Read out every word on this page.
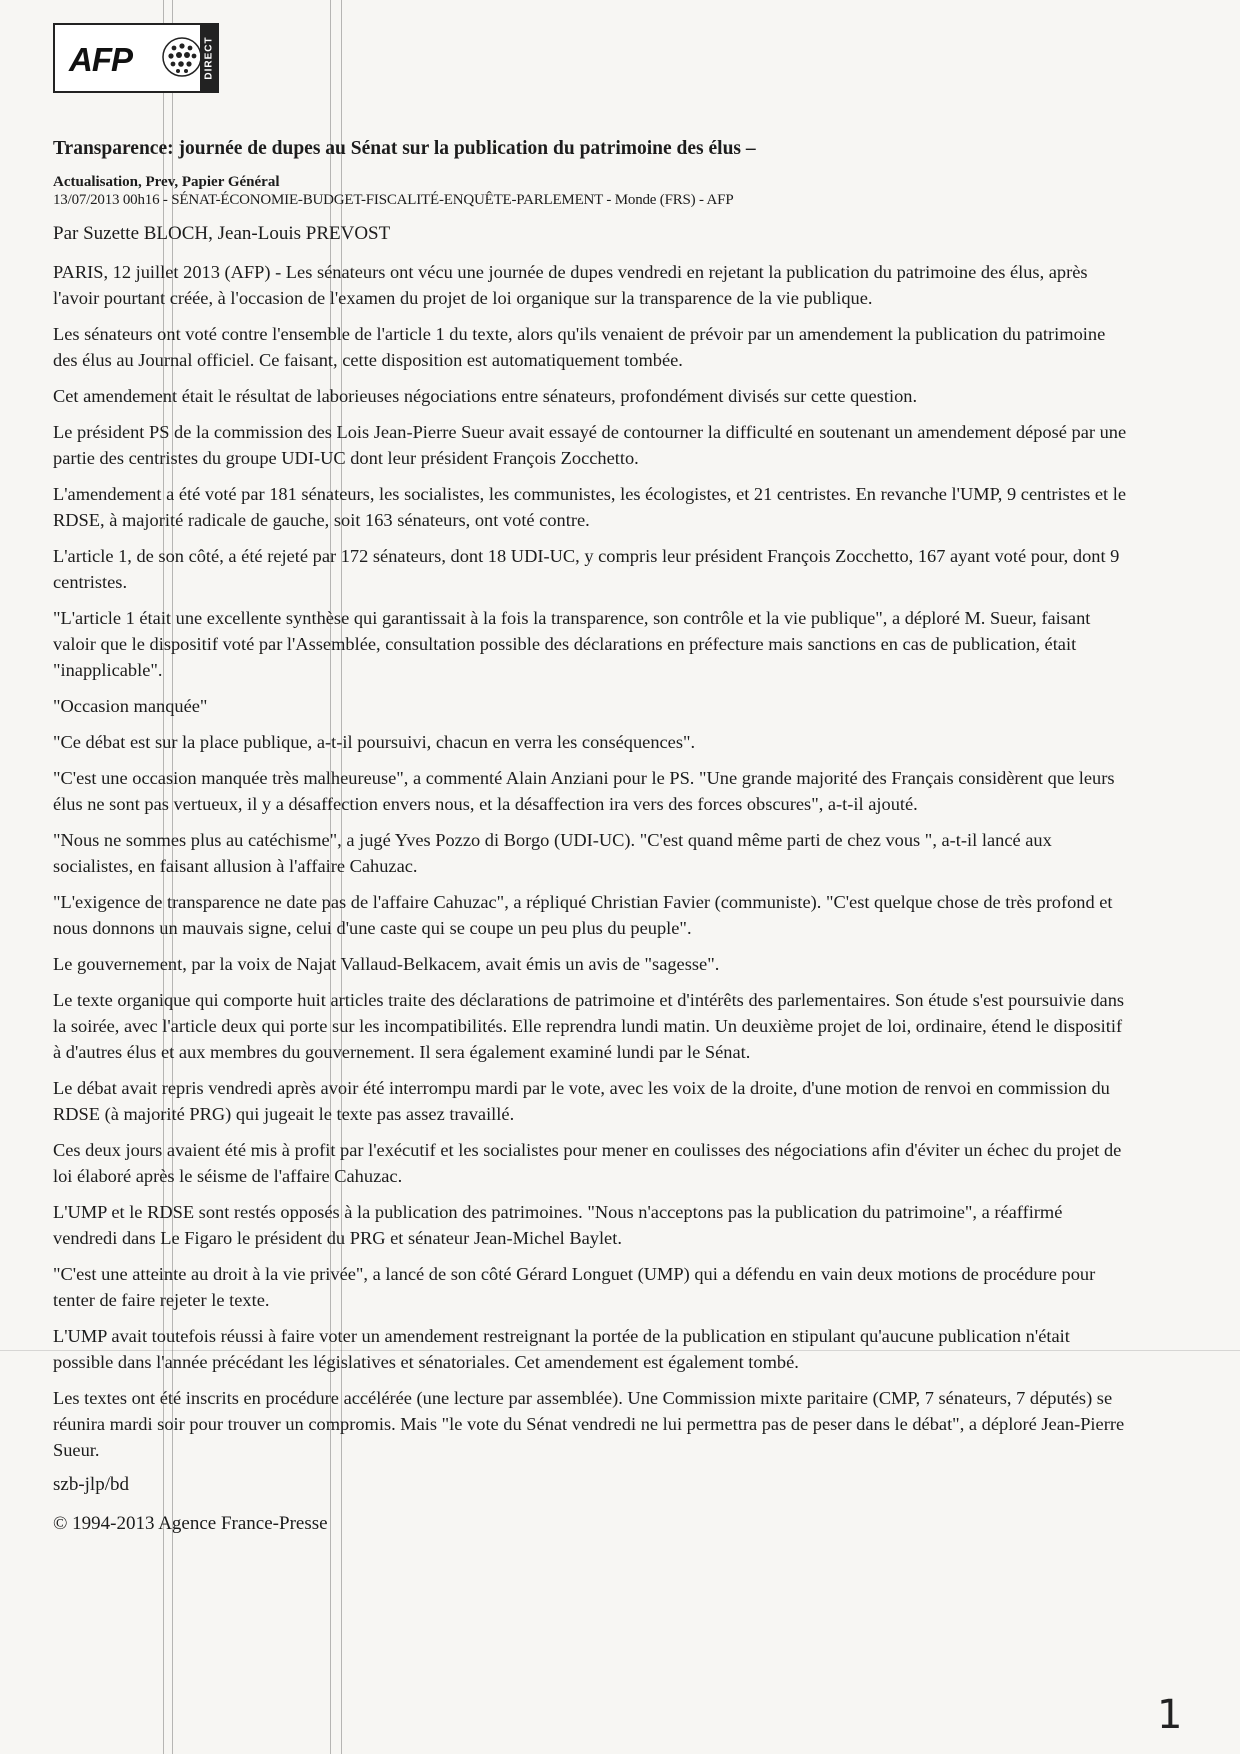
AFP	DIRECT
Transparence: journée de dupes au Sénat sur la publication du patrimoine des élus –

Actualisation, Prev, Papier Général

13/07/2013 00h16 - SÉNAT-ÉCONOMIE-BUDGET-FISCALITÉ-ENQUÊTE-PARLEMENT - Monde (FRS) - AFP

Par Suzette BLOCH, Jean-Louis PREVOST

PARIS, 12 juillet 2013 (AFP) - Les sénateurs ont vécu une journée de dupes vendredi en rejetant la publication du patrimoine des élus, après l'avoir pourtant créée, à l'occasion de l'examen du projet de loi organique sur la transparence de la vie publique.

Les sénateurs ont voté contre l'ensemble de l'article 1 du texte, alors qu'ils venaient de prévoir par un amendement la publication du patrimoine des élus au Journal officiel. Ce faisant, cette disposition est automatiquement tombée.

Cet amendement était le résultat de laborieuses négociations entre sénateurs, profondément divisés sur cette question.

Le président PS de la commission des Lois Jean-Pierre Sueur avait essayé de contourner la difficulté en soutenant un amendement déposé par une partie des centristes du groupe UDI-UC dont leur président François Zocchetto.

L'amendement a été voté par 181 sénateurs, les socialistes, les communistes, les écologistes, et 21 centristes. En revanche l'UMP, 9 centristes et le RDSE, à majorité radicale de gauche, soit 163 sénateurs, ont voté contre.

L'article 1, de son côté, a été rejeté par 172 sénateurs, dont 18 UDI-UC, y compris leur président François Zocchetto, 167 ayant voté pour, dont 9 centristes.

"L'article 1 était une excellente synthèse qui garantissait à la fois la transparence, son contrôle et la vie publique", a déploré M. Sueur, faisant valoir que le dispositif voté par l'Assemblée, consultation possible des déclarations en préfecture mais sanctions en cas de publication, était "inapplicable".

"Occasion manquée"

"Ce débat est sur la place publique, a-t-il poursuivi, chacun en verra les conséquences".

"C'est une occasion manquée très malheureuse", a commenté Alain Anziani pour le PS. "Une grande majorité des Français considèrent que leurs élus ne sont pas vertueux, il y a désaffection envers nous, et la désaffection ira vers des forces obscures", a-t-il ajouté.

"Nous ne sommes plus au catéchisme", a jugé Yves Pozzo di Borgo (UDI-UC). "C'est quand même parti de chez vous ", a-t-il lancé aux socialistes, en faisant allusion à l'affaire Cahuzac.

"L'exigence de transparence ne date pas de l'affaire Cahuzac", a répliqué Christian Favier (communiste). "C'est quelque chose de très profond et nous donnons un mauvais signe, celui d'une caste qui se coupe un peu plus du peuple".

Le gouvernement, par la voix de Najat Vallaud-Belkacem, avait émis un avis de "sagesse".

Le texte organique qui comporte huit articles traite des déclarations de patrimoine et d'intérêts des parlementaires. Son étude s'est poursuivie dans la soirée, avec l'article deux qui porte sur les incompatibilités. Elle reprendra lundi matin. Un deuxième projet de loi, ordinaire, étend le dispositif à d'autres élus et aux membres du gouvernement. Il sera également examiné lundi par le Sénat.

Le débat avait repris vendredi après avoir été interrompu mardi par le vote, avec les voix de la droite, d'une motion de renvoi en commission du RDSE (à majorité PRG) qui jugeait le texte pas assez travaillé.

Ces deux jours avaient été mis à profit par l'exécutif et les socialistes pour mener en coulisses des négociations afin d'éviter un échec du projet de loi élaboré après le séisme de l'affaire Cahuzac.

L'UMP et le RDSE sont restés opposés à la publication des patrimoines. "Nous n'acceptons pas la publication du patrimoine", a réaffirmé vendredi dans Le Figaro le président du PRG et sénateur Jean-Michel Baylet.

"C'est une atteinte au droit à la vie privée", a lancé de son côté Gérard Longuet (UMP) qui a défendu en vain deux motions de procédure pour tenter de faire rejeter le texte.

L'UMP avait toutefois réussi à faire voter un amendement restreignant la portée de la publication en stipulant qu'aucune publication n'était possible dans l'année précédant les législatives et sénatoriales. Cet amendement est également tombé.

Les textes ont été inscrits en procédure accélérée (une lecture par assemblée). Une Commission mixte paritaire (CMP, 7 sénateurs, 7 députés) se réunira mardi soir pour trouver un compromis. Mais "le vote du Sénat vendredi ne lui permettra pas de peser dans le débat", a déploré Jean-Pierre Sueur.

szb-jlp/bd

© 1994-2013 Agence France-Presse

1
